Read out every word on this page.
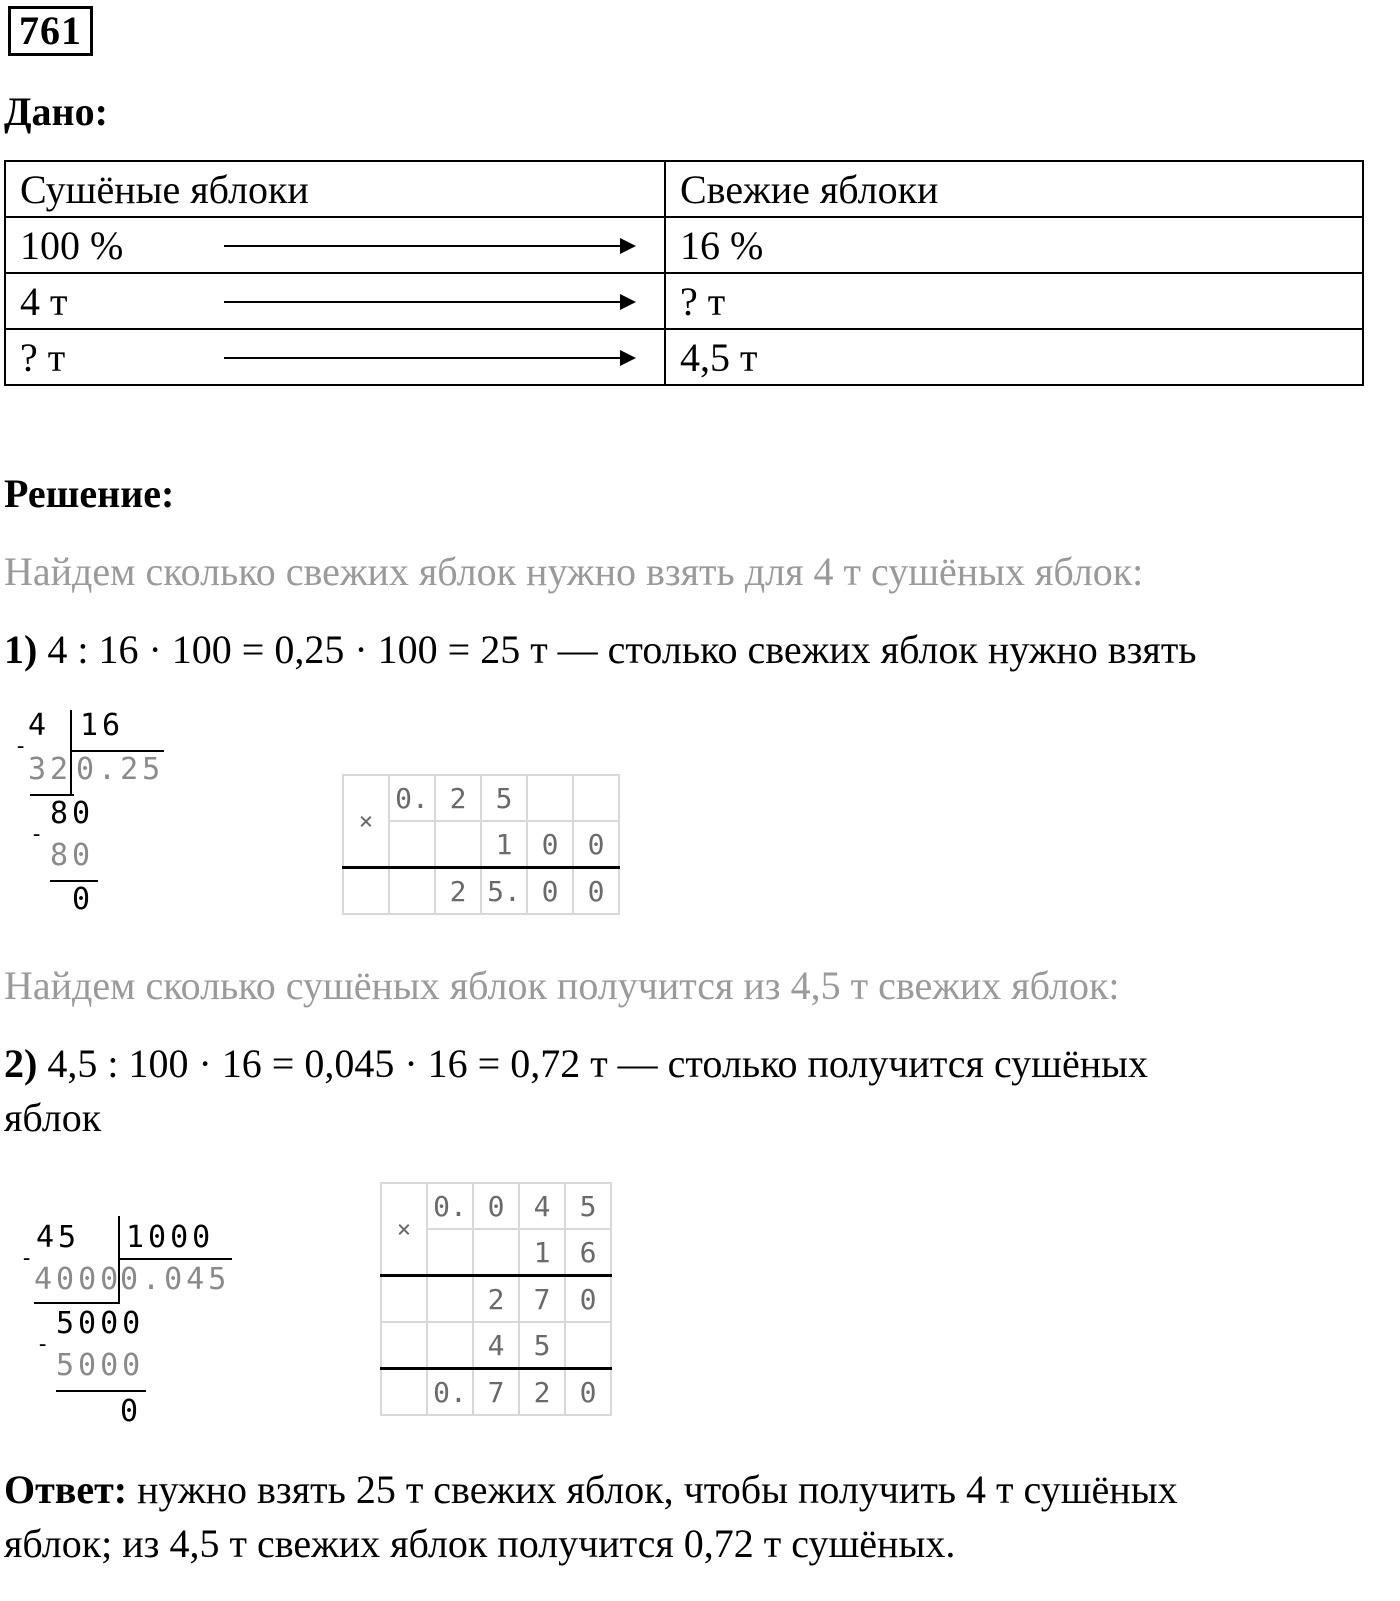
761
Дано:
Сушёные яблоки	Свежие яблоки
100 %	16 %
4 т	? т
? т	4,5 т
Решение:
Найдем сколько свежих яблок нужно взять для 4 т сушёных яблок:
1) 4 : 16 · 100 = 0,25 · 100 = 25 т — столько свежих яблок нужно взять
4 16
-
32 0.25
80
-
80
0
×	0.	2	5		
			1	0	0
		2	5.	0	0
Найдем сколько сушёных яблок получится из 4,5 т свежих яблок:
2) 4,5 : 100 · 16 = 0,045 · 16 = 0,72 т — столько получится сушёных
яблок
45 1000
-
4000
0.045
5000
-
5000
0
×	0.	0	4	5
			1	6
		2	7	0
		4	5	
	0.	7	2	0
Ответ: нужно взять 25 т свежих яблок, чтобы получить 4 т сушёных
яблок; из 4,5 т свежих яблок получится 0,72 т сушёных.
